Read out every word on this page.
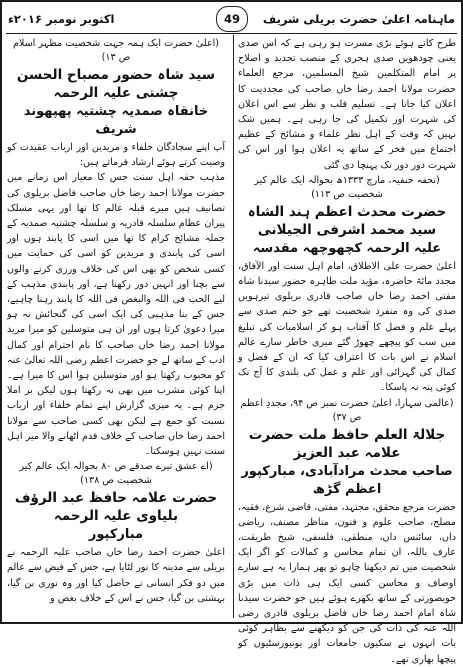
ماہنامہ اعلیٰ حضرت بریلی شریف
اکتوبر نومبر ۲۰۱۶ء	49

طرح کاتے ہوئے بڑی مسرت ہو رہی ہے کہ اس صدی یعنی چودھویں صدی ہجری کے منصب تجدید و اصلاح پر امام المتکلمین شیخ المسلمین، مرجع العلماء حضرت مولانا احمد رضا خاں صاحب کی مجددیت کا اعلان کیا جاتا ہے۔ تسلیم قلب و نظر سے اس اعلان کی شہرت اور تکمیل کی جا رہی ہے۔ ہمیں شک نہیں کہ وقت کے اہل نظر علماء و مشائخ کے عظیم اجتماع میں فخر کے ساتھ یہ اعلان ہوا اور اس کی شہرت دور دور تک پہنچا دی گئی

(تحفہ حنفیہ، مارچ ۱۳۳۳ھ بحوالہ ایک عالم کیر شخصیت ص ۱۱۳)

حضرت محدث اعظم ہند الشاہ سید محمد اشرفی الجیلانی
علیہ الرحمہ کچھوچھہ مقدسہ

اعلیٰ حضرت علی الاطلاق، امام اہل سنت اور الآفاق، مجدد مائۃ حاضرہ، مؤید ملت طاہرہ حضور سیدنا شاہ مفتی احمد رضا خاں صاحب قادری بریلوی تیرہویں صدی کی وہ منفرد شخصیت تھے جو ختم صدی سے پہلے علم و فضل کا آفتاب ہو کر اسلامیات کی تبلیغ میں سب کو پیچھے چھوڑ گئے میری خاطر سارے عالم اسلام نے اس بات کا اعتراف کیا کہ ان کے فضل و کمال کی گہرائی اور علم و عمل کی بلندی کا آج تک کوئی پتہ نہ پاسکا۔

(عالمی سہارا، اعلیٰ حضرت نمبر ص ۹۴، مجددِ اعظم ص ۳۷)

جلالۃ العلم حافظ ملت حضرت علامہ عبد العزیز
صاحب محدث مرادآبادی، مبارکپور اعظم گڑھ

حضرت مرجع محقق، مجتہد، مفتی، قاضی شرع، فقیہ، مصلح، صاحب علوم و فنون، مناظر مصنف، ریاضی داں، سائنس داں، منطقی، فلسفی، شیخ طریقت، عارف باللہ، ان تمام محاسن و کمالات کو اگر ایک شخصیت میں تم دیکھنا چاہو تو پھر ہمارا یہ ہے سارے اوصاف و محاسن کسی ایک ہی ذات میں بڑی خوبصورتی کے ساتھ بکھرے ہوئے ہیں جو حضرت سیدنا شاہ امام احمد رضا خاں فاضل بریلوی قادری رضی اللہ عنہ کی ذات کی جن کو دیکھنے سے بظاہر کوئی بات انہوں نے سکیوں جامعات اور یونیورسٹیوں کو پیچھا بھاری تھے۔

(اعلیٰ حضرت ایک ہمہ جہت شخصیت مظہر اسلام ص ۱۳)

سید شاہ حضور مصباح الحسن چشتی علیہ الرحمہ
خانقاہ صمدیہ چشتیہ پھپھوند شریف

آپ اپنے سجادگان خلفاء و مریدین اور ارباب عقیدت کو وصیت کرتے ہوئے ارشاد فرماتے ہیں:

مذہب حقہ اہل سنت جس کا معیار اس زمانے میں حضرت مولانا احمد رضا خاں صاحب فاضل بریلوی کی تصانیف ہیں میرے قبلہ عالم کا تھا اور یہی مسلک پیران عظام سلسلہ قادریہ و سلسلہ چشتیہ صمدیہ کے جملہ مشائخ کرام کا تھا میں اسی کا پابند ہوں اور اسی کی پابندی و مریدین کو اسی کی حمایت میں کسی شخص کو بھی اس کی خلاف ورزی کرنے والوں سے بچنا اور انہیں دور رکھنا ہے، اور پابندی مذہب کے لیے الحب فی اللہ والبغض فی اللہ کا پابند رہنا چاہیے، جس کے بنا مذہبی کی ایک اسی کی گنجائش نہ ہو میرا دعویٰ کرتا ہوں اور ان ہی متوسلین کو میرا مرید مولانا احمد رضا خاں صاحب کا نام احترام اور کمال ادب کے ساتھ لے جو حضرت اعظم رضی اللہ تعالیٰ عنہ کو محبوب رکھتا ہو اور متوسلین ہوا اس کا میرا ہے۔ اپنا کوئی مشرب میں بھی نہ رکھتا ہوں لیکن بر املا جرم ہے۔ یہ میری گزارش اپنے تمام خلفاء اور ارباب نسبت کو جمع ہے لیکن بھی کسی صاحب سے مولانا احمد رضا خاں صاحب کے خلاف قدم اٹھانے والا میر اہل سنت نہیں ہوسکتا۔

(اے عشق تیرے صدقے ص ۸۰ بحوالہ ایک عالم کیر شخصیت ص ۱۳۸)

حضرت علامہ حافظ عبد الرؤف بلیاوی علیہ الرحمہ
مبارکپور

اعلیٰ حضرت احمد رضا خاں صاحب علیہ الرحمہ نے بریلی سے مدینہ کا نور لٹایا ہے، جس کے فیض سے عالم میں دو فکر انسانی نے حاصل کیا اور وہ نوری بن گیا، بہشتی بن گیا، جس نے اس کے خلاف بغض و
